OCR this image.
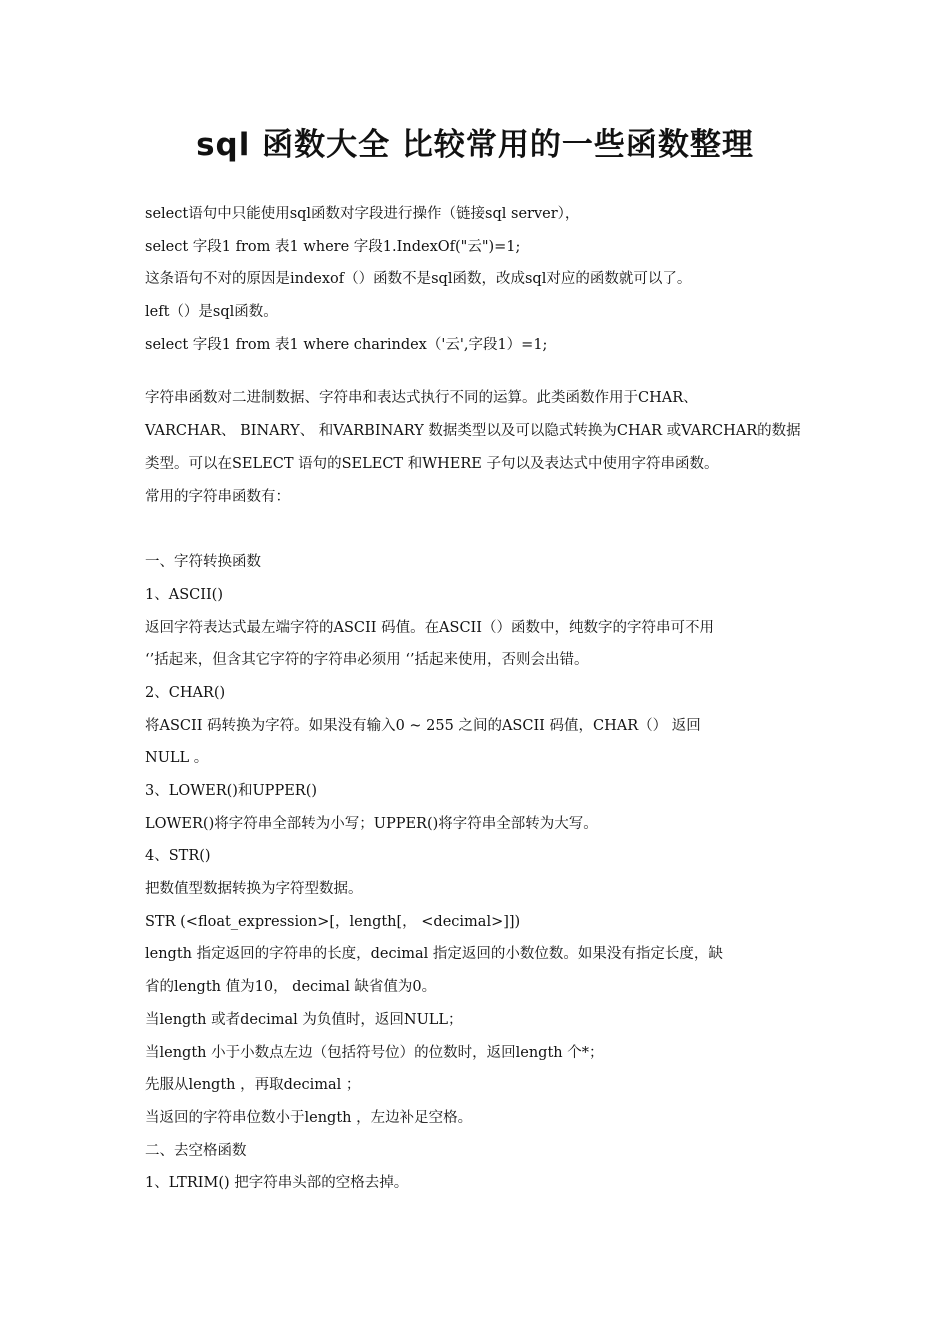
sql 函数大全 比较常用的一些函数整理
select语句中只能使用sql函数对字段进行操作（链接sql server），
select 字段1 from 表1 where 字段1.IndexOf("云")=1;
这条语句不对的原因是indexof（）函数不是sql函数，改成sql对应的函数就可以了。
left（）是sql函数。
select 字段1 from 表1 where charindex（'云',字段1）=1;
字符串函数对二进制数据、字符串和表达式执行不同的运算。此类函数作用于CHAR、
VARCHAR、 BINARY、 和VARBINARY 数据类型以及可以隐式转换为CHAR 或VARCHAR的数据
类型。可以在SELECT 语句的SELECT 和WHERE 子句以及表达式中使用字符串函数。
常用的字符串函数有：
一、字符转换函数
1、ASCII()
返回字符表达式最左端字符的ASCII 码值。在ASCII（）函数中，纯数字的字符串可不用
‘’括起来，但含其它字符的字符串必须用 ‘’括起来使用，否则会出错。
2、CHAR()
将ASCII 码转换为字符。如果没有输入0 ~ 255 之间的ASCII 码值，CHAR（） 返回
NULL 。
3、LOWER()和UPPER()
LOWER()将字符串全部转为小写；UPPER()将字符串全部转为大写。
4、STR()
把数值型数据转换为字符型数据。
STR (<float_expression>[，length[， <decimal>]])
length 指定返回的字符串的长度，decimal 指定返回的小数位数。如果没有指定长度，缺
省的length 值为10， decimal 缺省值为0。
当length 或者decimal 为负值时，返回NULL；
当length 小于小数点左边（包括符号位）的位数时，返回length 个*；
先服从length ，再取decimal ；
当返回的字符串位数小于length ，左边补足空格。
二、去空格函数
1、LTRIM() 把字符串头部的空格去掉。
